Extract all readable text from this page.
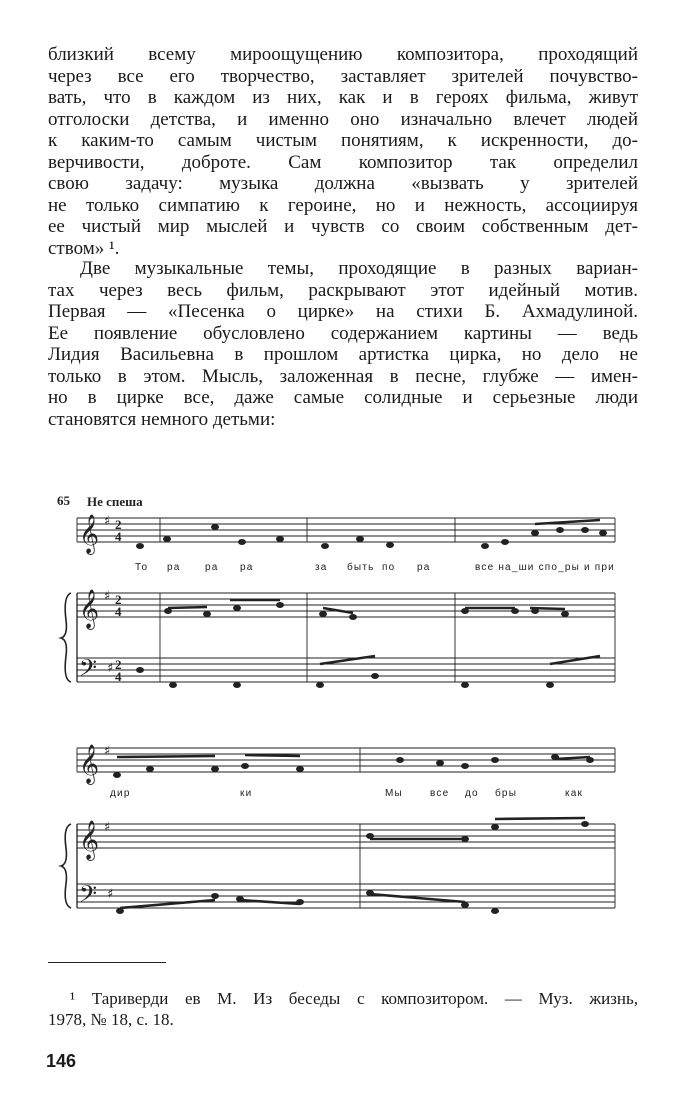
близкий всему мироощущению композитора, проходящий
через все его творчество, заставляет зрителей почувство-
вать, что в каждом из них, как и в героях фильма, живут
отголоски детства, и именно оно изначально влечет людей
к каким-то самым чистым понятиям, к искренности, до-
верчивости, доброте. Сам композитор так определил
свою задачу: музыка должна «вызвать у зрителей
не только симпатию к героине, но и нежность, ассоциируя
ее чистый мир мыслей и чувств со своим собственным дет-
ством» ¹.
Две музыкальные темы, проходящие в разных вариан-
тах через весь фильм, раскрывают этот идейный мотив.
Первая — «Песенка о цирке» на стихи Б. Ахмадулиной.
Ее появление обусловлено содержанием картины — ведь
Лидия Васильевна в прошлом артистка цирка, но дело не
только в этом. Мысль, заложенная в песне, глубже — имен-
но в цирке все, даже самые солидные и серьезные люди
становятся немного детьми:
𝄞
𝄞
𝄢
𝄞
𝄞
𝄢
♯
♯
♯
♯
♯
♯
2
4
2
4
2
4
65 Не спеша
То ра ра ра	за быть по ра	все на_ши спо_ры и при
дир	ки	Мы	все до бры	как
¹ Тариверди ев М. Из беседы с композитором. — Муз. жизнь,
1978, № 18, с. 18.
146
